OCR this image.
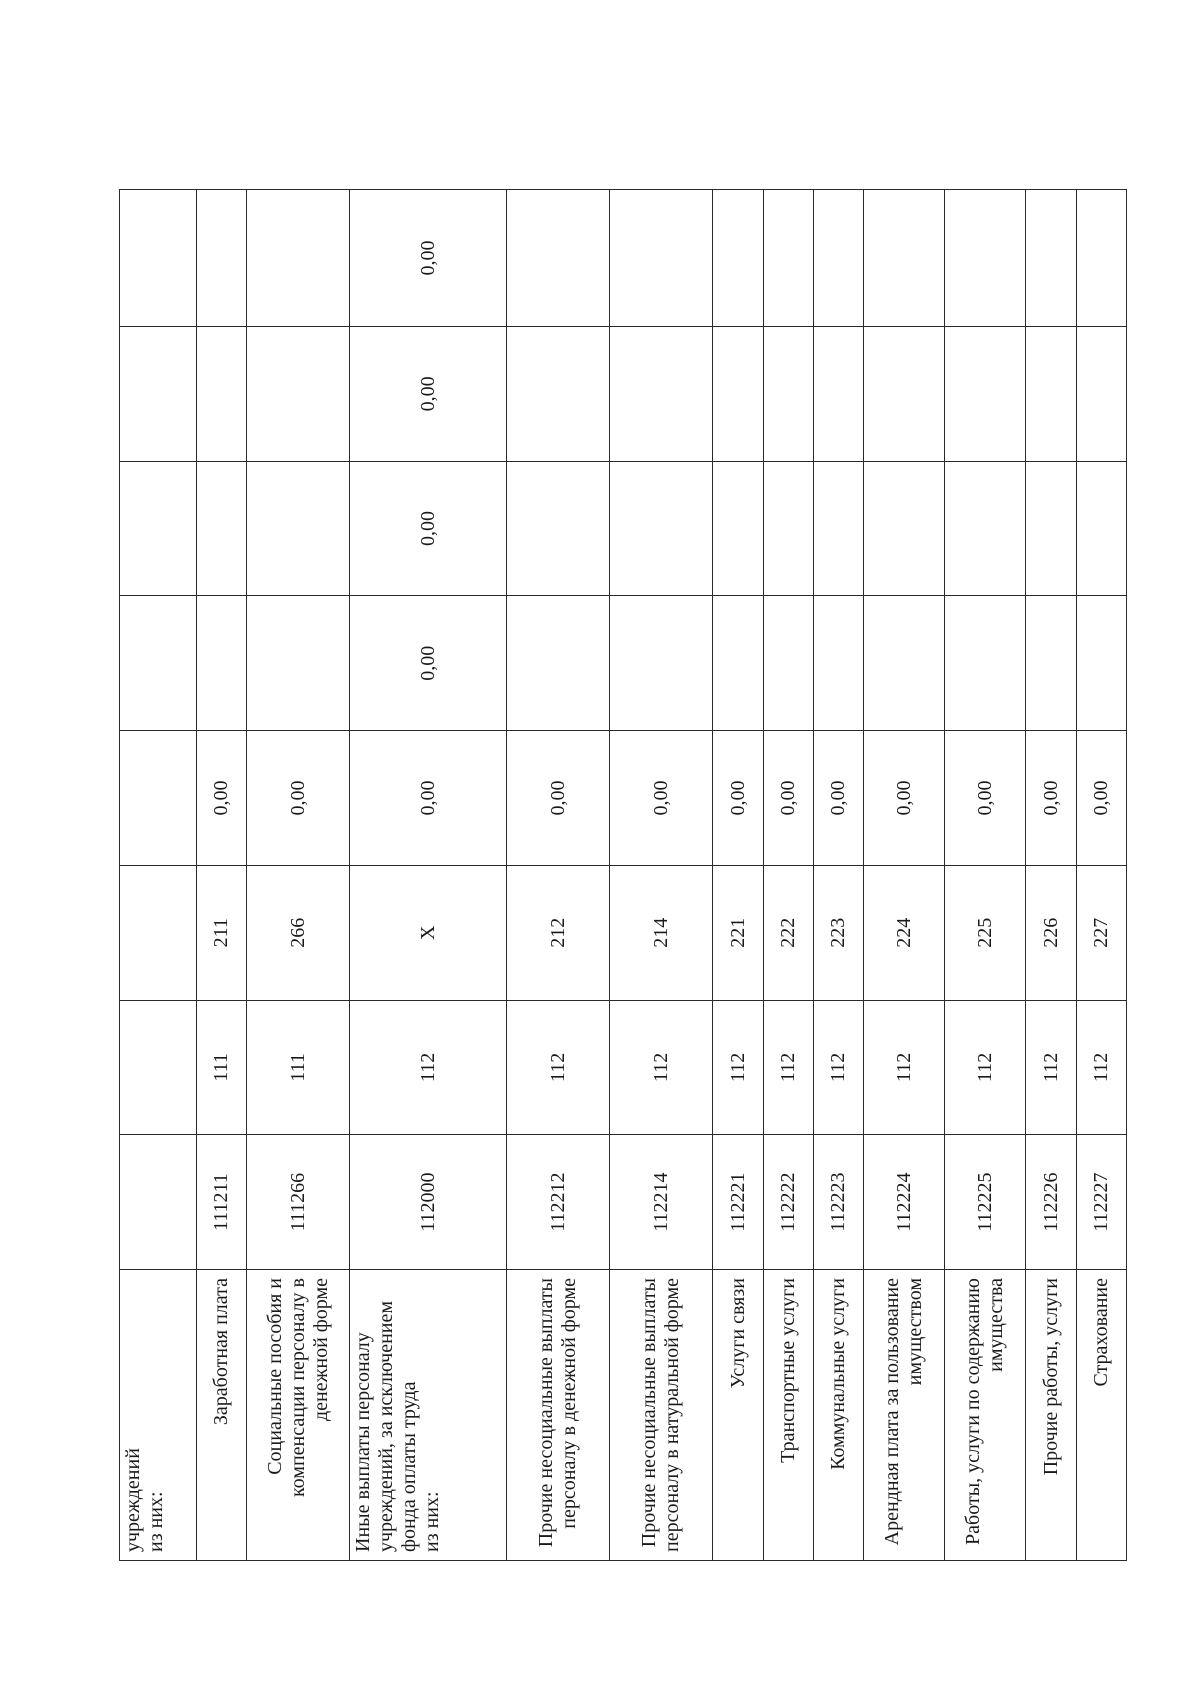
учреждений
из них:								

Заработная плата	111211	111	211	0,00				
Социальные пособия и компенсации персоналу в денежной форме	111266	111	266	0,00				

Иные выплаты персоналу учреждений, за исключением фонда оплаты труда
из них:	112000	112	X	0,00	0,00	0,00	0,00	0,00
Прочие несоциальные выплаты персоналу в денежной форме	112212	112	212	0,00				
Прочие несоциальные выплаты персоналу в натуральной форме	112214	112	214	0,00				
Услуги связи	112221	112	221	0,00				
Транспортные услуги	112222	112	222	0,00				
Коммунальные услуги	112223	112	223	0,00				
Арендная плата за пользование имуществом	112224	112	224	0,00				
Работы, услуги по содержанию имущества	112225	112	225	0,00				
Прочие работы, услуги	112226	112	226	0,00				
Страхование	112227	112	227	0,00				
